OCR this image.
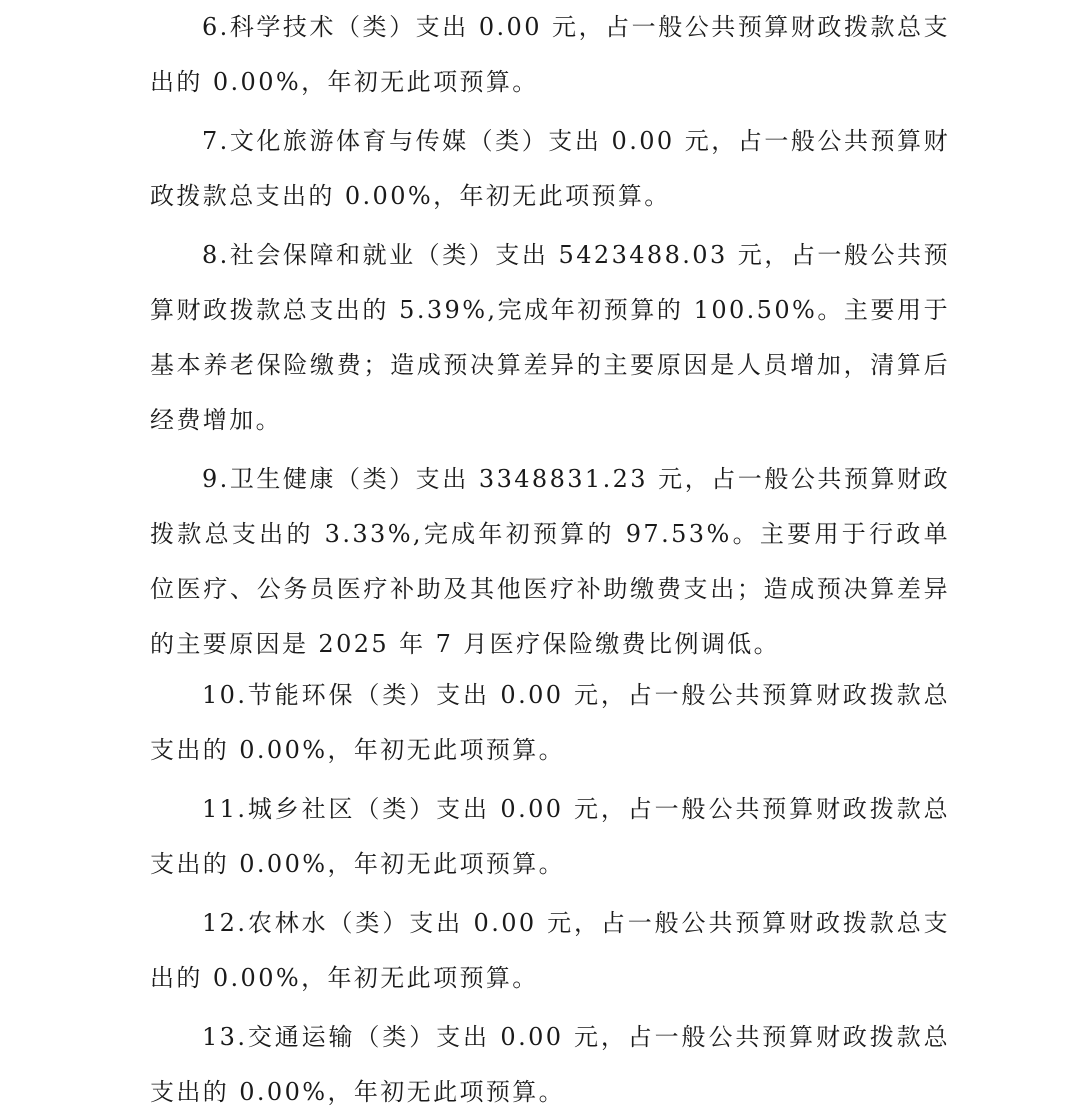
6.科学技术（类）支出 0.00 元，占一般公共预算财政拨款总支出的 0.00%，年初无此项预算。

7.文化旅游体育与传媒（类）支出 0.00 元，占一般公共预算财政拨款总支出的 0.00%，年初无此项预算。

8.社会保障和就业（类）支出 5423488.03 元，占一般公共预算财政拨款总支出的 5.39%,完成年初预算的 100.50%。主要用于基本养老保险缴费；造成预决算差异的主要原因是人员增加，清算后经费增加。

9.卫生健康（类）支出 3348831.23 元，占一般公共预算财政拨款总支出的 3.33%,完成年初预算的 97.53%。主要用于行政单位医疗、公务员医疗补助及其他医疗补助缴费支出；造成预决算差异的主要原因是 2025 年 7 月医疗保险缴费比例调低。

10.节能环保（类）支出 0.00 元，占一般公共预算财政拨款总支出的 0.00%，年初无此项预算。

11.城乡社区（类）支出 0.00 元，占一般公共预算财政拨款总支出的 0.00%，年初无此项预算。

12.农林水（类）支出 0.00 元，占一般公共预算财政拨款总支出的 0.00%，年初无此项预算。

13.交通运输（类）支出 0.00 元，占一般公共预算财政拨款总支出的 0.00%，年初无此项预算。
